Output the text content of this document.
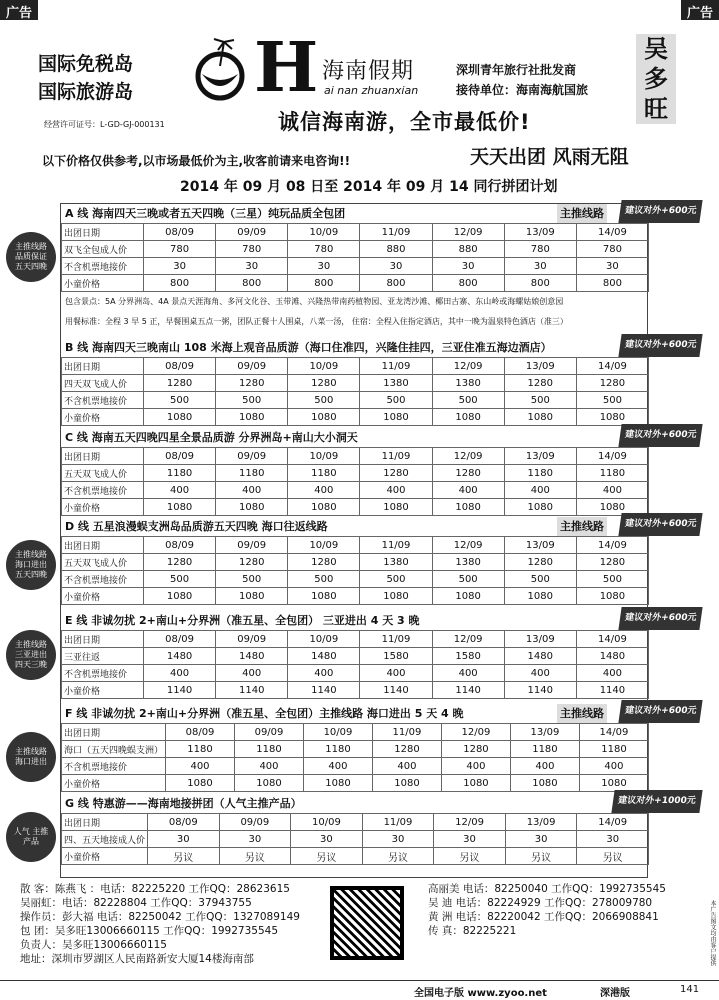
广告	广告
国际免税岛
国际旅游岛
经营许可证号：L-GD-GJ-000131
H 海南假期
ai nan zhuanxian
深圳青年旅行社批发商
接待单位：海南海航国旅
诚信海南游，全市最低价!
吴多旺
以下价格仅供参考,以市场最低价为主,收客前请来电咨询!!	天天出团 风雨无阻
2014 年 09 月 08 日至 2014 年 09 月 14 同行拼团计划
A 线 海南四天三晚或者五天四晚（三星）纯玩品质全包团	主推线路	建议对外+600元
出团日期	08/09	09/09	10/09	11/09	12/09	13/09	14/09
双飞全包成人价	780	780	780	880	880	780	780
不含机票地接价	30	30	30	30	30	30	30
小童价格	800	800	800	800	800	800	800
包含景点：5A 分界洲岛、4A 景点天涯海角、多河文化谷、玉带滩、兴隆热带南药植物园、亚龙湾沙滩、椰田古寨、东山岭或海螺姑娘创意园
用餐标准：全程 3 早 5 正，早餐围桌五点一粥，团队正餐十人围桌，八菜一汤， 住宿：全程入住指定酒店，其中一晚为温泉特色酒店（准三）
B 线 海南四天三晚南山 108 米海上观音品质游（海口住准四，兴隆住挂四，三亚住准五海边酒店）	建议对外+600元
出团日期	08/09	09/09	10/09	11/09	12/09	13/09	14/09
四天双飞成人价	1280	1280	1280	1380	1380	1280	1280
不含机票地接价	500	500	500	500	500	500	500
小童价格	1080	1080	1080	1080	1080	1080	1080
C 线 海南五天四晚四星全景品质游 分界洲岛+南山大小洞天	建议对外+600元
出团日期	08/09	09/09	10/09	11/09	12/09	13/09	14/09
五天双飞成人价	1180	1180	1180	1280	1280	1180	1180
不含机票地接价	400	400	400	400	400	400	400
小童价格	1080	1080	1080	1080	1080	1080	1080
D 线 五星浪漫蜈支洲岛品质游五天四晚 海口往返线路	主推线路	建议对外+600元
出团日期	08/09	09/09	10/09	11/09	12/09	13/09	14/09
五天双飞成人价	1280	1280	1280	1380	1380	1280	1280
不含机票地接价	500	500	500	500	500	500	500
小童价格	1080	1080	1080	1080	1080	1080	1080
E 线 非诚勿扰 2+南山+分界洲（准五星、全包团） 三亚进出 4 天 3 晚	建议对外+600元
出团日期	08/09	09/09	10/09	11/09	12/09	13/09	14/09
三亚往返	1480	1480	1480	1580	1580	1480	1480
不含机票地接价	400	400	400	400	400	400	400
小童价格	1140	1140	1140	1140	1140	1140	1140
F 线 非诚勿扰 2+南山+分界洲（准五星、全包团）主推线路 海口进出 5 天 4 晚	主推线路	建议对外+600元
出团日期	08/09	09/09	10/09	11/09	12/09	13/09	14/09
海口（五天四晚蜈支洲）	1180	1180	1180	1280	1280	1180	1180
不含机票地接价	400	400	400	400	400	400	400
小童价格	1080	1080	1080	1080	1080	1080	1080
G 线 特惠游——海南地接拼团（人气主推产品）	建议对外+1000元
出团日期	08/09	09/09	10/09	11/09	12/09	13/09	14/09
四、五天地接成人价	30	30	30	30	30	30	30
小童价格	另议	另议	另议	另议	另议	另议	另议
主推线路 品质保证 五天四晚
主推线路 海口进出 五天四晚
主推线路 三亚进出 四天三晚
主推线路 海口进出
人气 主推 产品
散 客：陈燕飞 ：电话：82225220 工作QQ：28623615
吴丽虹：电话：82228804 工作QQ：37943755
操作员：彭大福 电话：82250042 工作QQ：1327089149
包 团：吴多旺13006660115 工作QQ：1992735545
负责人：吴多旺13006660115
地址：深圳市罗湖区人民南路新安大厦14楼海南部
高丽美 电话：82250040 工作QQ：1992735545
吴 迪 电话：82224929 工作QQ：278009780
黄 洲 电话：82220042 工作QQ：2066908841
传 真：82225221	本广告图文均由客户提供
全国电子版 www.zyoo.net	深港版	141
